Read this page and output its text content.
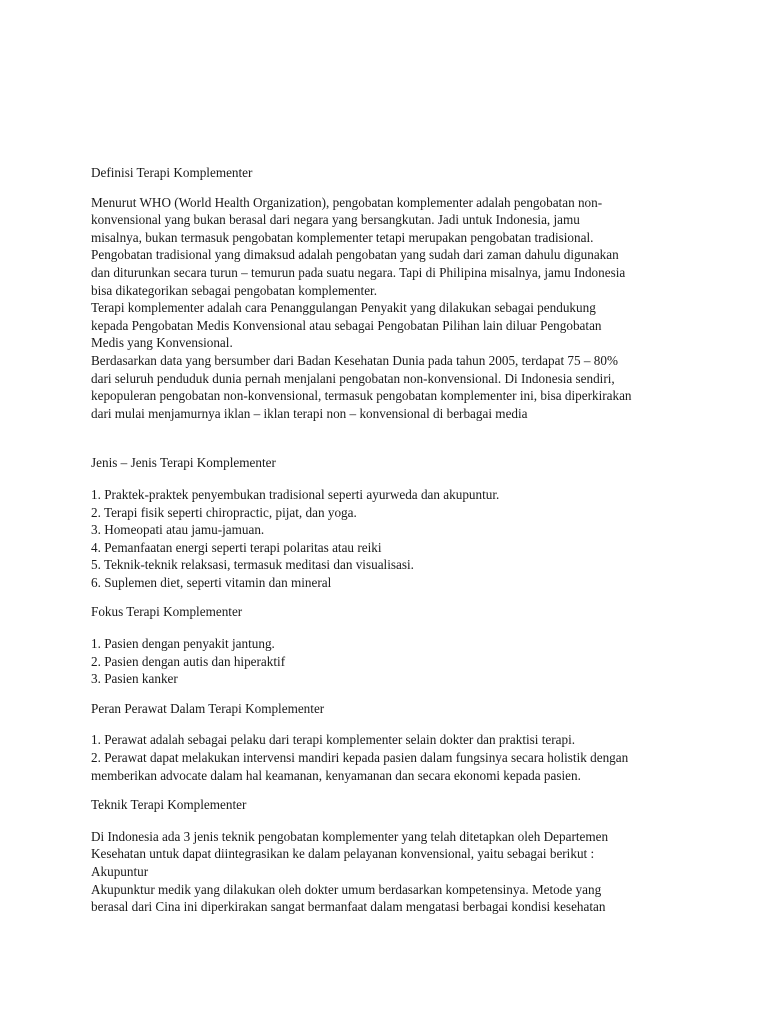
Definisi Terapi Komplementer
Menurut WHO (World Health Organization), pengobatan komplementer adalah pengobatan non-
konvensional yang bukan berasal dari negara yang bersangkutan. Jadi untuk Indonesia, jamu
misalnya, bukan termasuk pengobatan komplementer tetapi merupakan pengobatan tradisional.
Pengobatan tradisional yang dimaksud adalah pengobatan yang sudah dari zaman dahulu digunakan
dan diturunkan secara turun – temurun pada suatu negara. Tapi di Philipina misalnya, jamu Indonesia
bisa dikategorikan sebagai pengobatan komplementer.
Terapi komplementer adalah cara Penanggulangan Penyakit yang dilakukan sebagai pendukung
kepada Pengobatan Medis Konvensional atau sebagai Pengobatan Pilihan lain diluar Pengobatan
Medis yang Konvensional.
Berdasarkan data yang bersumber dari Badan Kesehatan Dunia pada tahun 2005, terdapat 75 – 80%
dari seluruh penduduk dunia pernah menjalani pengobatan non-konvensional. Di Indonesia sendiri,
kepopuleran pengobatan non-konvensional, termasuk pengobatan komplementer ini, bisa diperkirakan
dari mulai menjamurnya iklan – iklan terapi non – konvensional di berbagai media
Jenis – Jenis Terapi Komplementer
1. Praktek-praktek penyembukan tradisional seperti ayurweda dan akupuntur.
2. Terapi fisik seperti chiropractic, pijat, dan yoga.
3. Homeopati atau jamu-jamuan.
4. Pemanfaatan energi seperti terapi polaritas atau reiki
5. Teknik-teknik relaksasi, termasuk meditasi dan visualisasi.
6. Suplemen diet, seperti vitamin dan mineral
Fokus Terapi Komplementer
1. Pasien dengan penyakit jantung.
2. Pasien dengan autis dan hiperaktif
3. Pasien kanker
Peran Perawat Dalam Terapi Komplementer
1. Perawat adalah sebagai pelaku dari terapi komplementer selain dokter dan praktisi terapi.
2. Perawat dapat melakukan intervensi mandiri kepada pasien dalam fungsinya secara holistik dengan
memberikan advocate dalam hal keamanan, kenyamanan dan secara ekonomi kepada pasien.
Teknik Terapi Komplementer
Di Indonesia ada 3 jenis teknik pengobatan komplementer yang telah ditetapkan oleh Departemen
Kesehatan untuk dapat diintegrasikan ke dalam pelayanan konvensional, yaitu sebagai berikut :
Akupuntur
Akupunktur medik yang dilakukan oleh dokter umum berdasarkan kompetensinya. Metode yang
berasal dari Cina ini diperkirakan sangat bermanfaat dalam mengatasi berbagai kondisi kesehatan
